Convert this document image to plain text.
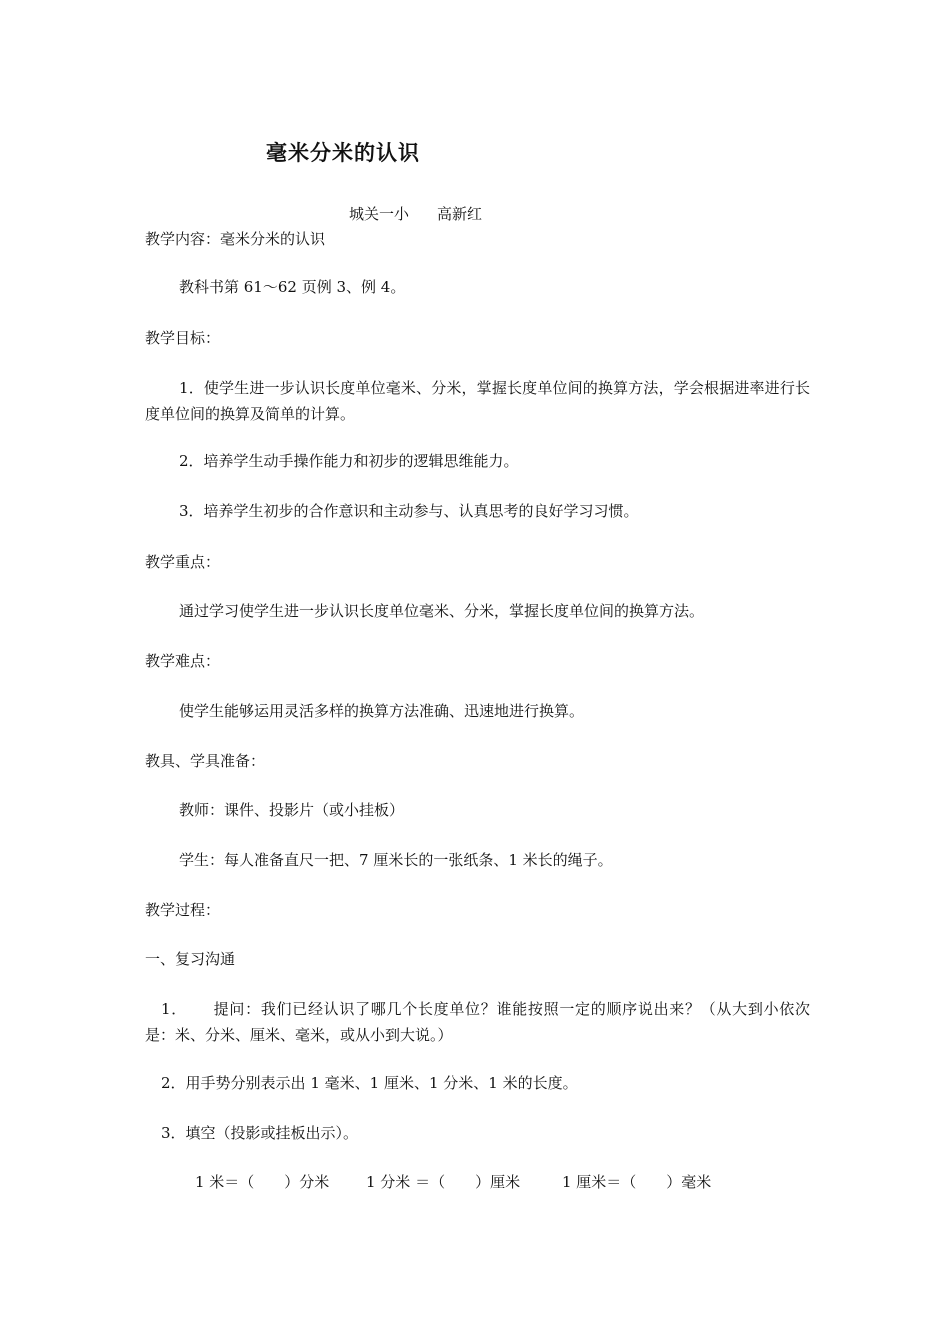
毫米分米的认识
城关一小 高新红
教学内容：毫米分米的认识
教科书第 61～62 页例 3、例 4。
教学目标：
1．使学生进一步认识长度单位毫米、分米，掌握长度单位间的换算方法，学会根据进率进行长度单位间的换算及简单的计算。
2．培养学生动手操作能力和初步的逻辑思维能力。
3．培养学生初步的合作意识和主动参与、认真思考的良好学习习惯。
教学重点：
通过学习使学生进一步认识长度单位毫米、分米，掌握长度单位间的换算方法。
教学难点：
使学生能够运用灵活多样的换算方法准确、迅速地进行换算。
教具、学具准备：
教师：课件、投影片（或小挂板）
学生：每人准备直尺一把、7 厘米长的一张纸条、1 米长的绳子。
教学过程：
一、复习沟通
1． 提问：我们已经认识了哪几个长度单位？谁能按照一定的顺序说出来？（从大到小依次是：米、分米、厘米、毫米，或从小到大说。）
2．用手势分别表示出 1 毫米、1 厘米、1 分米、1 米的长度。
3．填空（投影或挂板出示）。
1 米＝（　　）分米 1 分米 ＝（　　）厘米	1 厘米＝（　　）毫米
